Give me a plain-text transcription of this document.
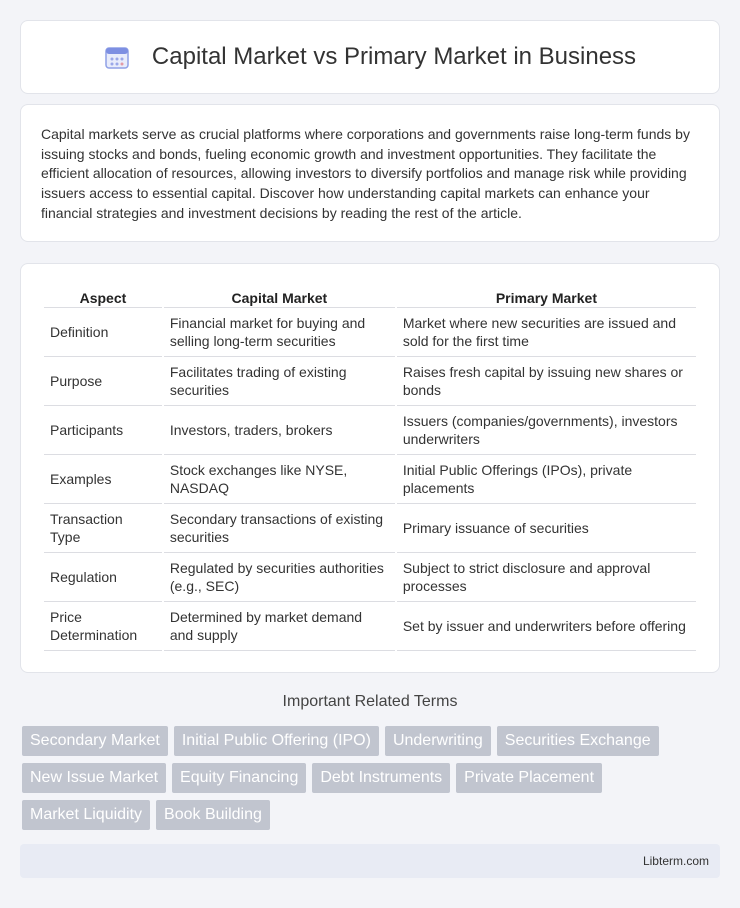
Capital Market vs Primary Market in Business

Capital markets serve as crucial platforms where corporations and governments raise long-term funds by issuing stocks and bonds, fueling economic growth and investment opportunities. They facilitate the efficient allocation of resources, allowing investors to diversify portfolios and manage risk while providing issuers access to essential capital. Discover how understanding capital markets can enhance your financial strategies and investment decisions by reading the rest of the article.

Aspect	Capital Market	Primary Market
Definition	Financial market for buying and selling long-term securities	Market where new securities are issued and sold for the first time
Purpose	Facilitates trading of existing securities	Raises fresh capital by issuing new shares or bonds
Participants	Investors, traders, brokers	Issuers (companies/governments), investors underwriters
Examples	Stock exchanges like NYSE, NASDAQ	Initial Public Offerings (IPOs), private placements
Transaction Type	Secondary transactions of existing securities	Primary issuance of securities
Regulation	Regulated by securities authorities (e.g., SEC)	Subject to strict disclosure and approval processes
Price Determination	Determined by market demand and supply	Set by issuer and underwriters before offering
Important Related Terms
Secondary Market	Initial Public Offering (IPO)	Underwriting	Securities Exchange
New Issue Market	Equity Financing	Debt Instruments	Private Placement
Market Liquidity	Book Building
Libterm.com
